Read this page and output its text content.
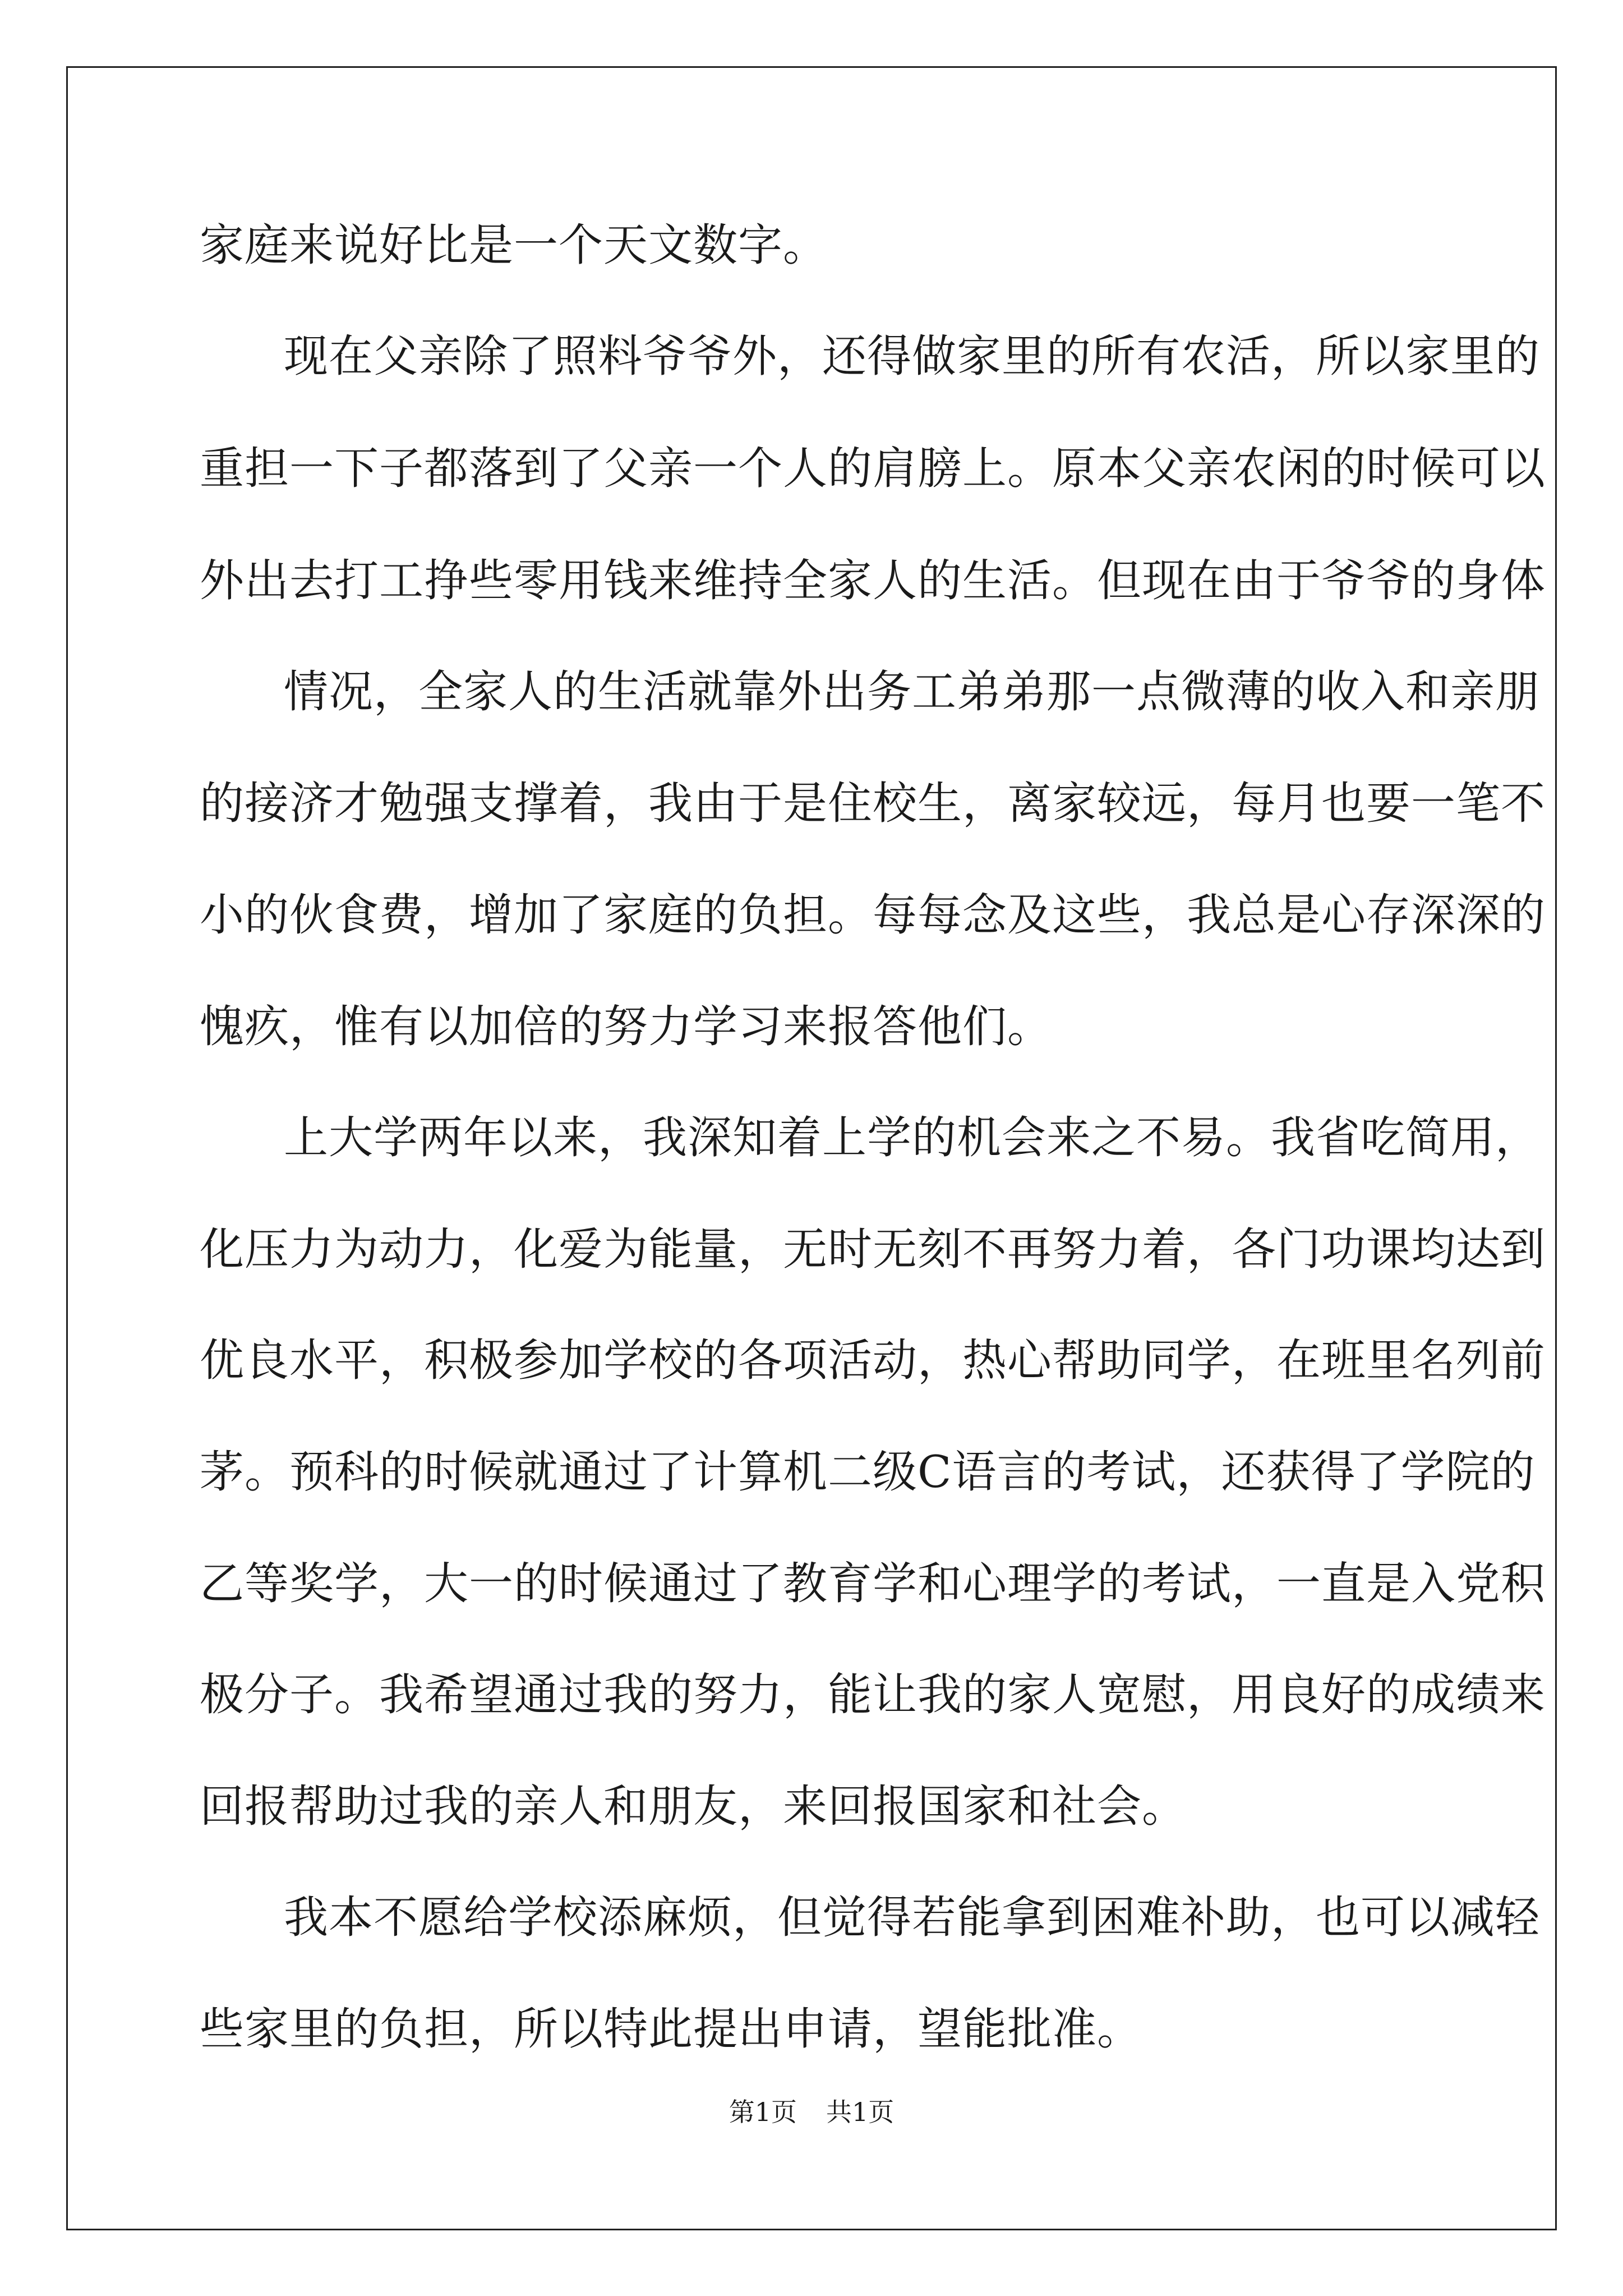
家庭来说好比是一个天文数字。
现在父亲除了照料爷爷外，还得做家里的所有农活，所以家里的
重担一下子都落到了父亲一个人的肩膀上。原本父亲农闲的时候可以
外出去打工挣些零用钱来维持全家人的生活。但现在由于爷爷的身体
情况，全家人的生活就靠外出务工弟弟那一点微薄的收入和亲朋
的接济才勉强支撑着，我由于是住校生，离家较远，每月也要一笔不
小的伙食费，增加了家庭的负担。每每念及这些，我总是心存深深的
愧疚，惟有以加倍的努力学习来报答他们。
上大学两年以来，我深知着上学的机会来之不易。我省吃简用，
化压力为动力，化爱为能量，无时无刻不再努力着，各门功课均达到
优良水平，积极参加学校的各项活动，热心帮助同学，在班里名列前
茅。预科的时候就通过了计算机二级C语言的考试，还获得了学院的
乙等奖学，大一的时候通过了教育学和心理学的考试，一直是入党积
极分子。我希望通过我的努力，能让我的家人宽慰，用良好的成绩来
回报帮助过我的亲人和朋友，来回报国家和社会。
我本不愿给学校添麻烦，但觉得若能拿到困难补助，也可以减轻
些家里的负担，所以特此提出申请，望能批准。
第1页 共1页
